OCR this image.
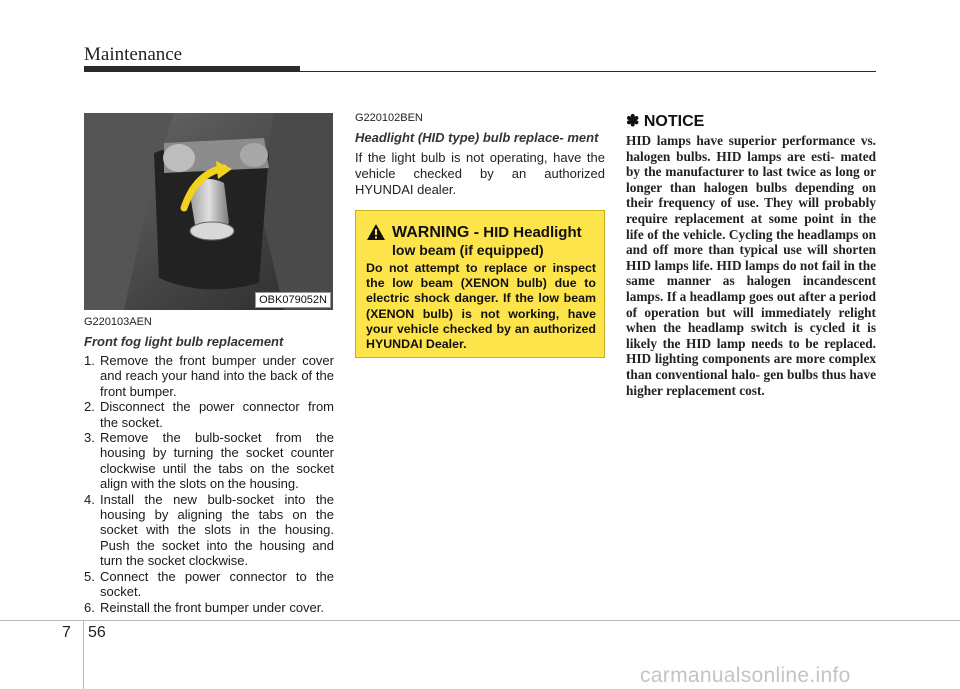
Maintenance
OBK079052N
G220103AEN
Front fog light bulb replacement
1. Remove the front bumper under cover and reach your hand into the back of the front bumper.
2. Disconnect the power connector from the socket.
3. Remove the bulb-socket from the housing by turning the socket counter clockwise until the tabs on the socket align with the slots on the housing.
4. Install the new bulb-socket into the housing by aligning the tabs on the socket with the slots in the housing. Push the socket into the housing and turn the socket clockwise.
5. Connect the power connector to the socket.
6. Reinstall the front bumper under cover.
G220102BEN
Headlight (HID type) bulb replace- ment
If the light bulb is not operating, have the vehicle checked by an authorized HYUNDAI dealer.
WARNING - HID Headlight
low beam (if equipped)
Do not attempt to replace or inspect the low beam (XENON bulb) due to electric shock danger. If the low beam (XENON bulb) is not working, have your vehicle checked by an authorized HYUNDAI Dealer.
✽ NOTICE
HID lamps have superior performance vs. halogen bulbs. HID lamps are esti- mated by the manufacturer to last twice as long or longer than halogen bulbs depending on their frequency of use. They will probably require replacement at some point in the life of the vehicle. Cycling the headlamps on and off more than typical use will shorten HID lamps life. HID lamps do not fail in the same manner as halogen incandescent lamps. If a headlamp goes out after a period of operation but will immediately relight when the headlamp switch is cycled it is likely the HID lamp needs to be replaced. HID lighting components are more complex than conventional halo- gen bulbs thus have higher replacement cost.
7 56
carmanualsonline.info
